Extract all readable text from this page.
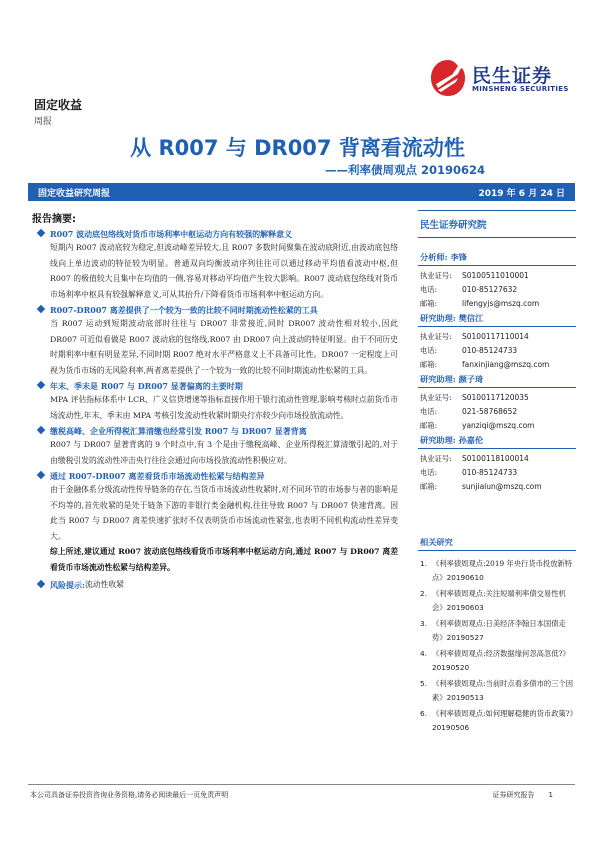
民生证券
MINSHENG SECURITIES
固定收益
周报
从 R007 与 DR007 背离看流动性
——利率债周观点 20190624
固定收益研究周报	2019 年 6 月 24 日
报告摘要:
R007 波动底包络线对货币市场利率中枢运动方向有较强的解释意义
短期内 R007 波动底较为稳定,但波动峰差异较大,且 R007 多数时间聚集在波动底附近,由波动底包络线向上单边波动的特征较为明显。普通双向均衡波动序列往往可以通过移动平均值看波动中枢,但 R007 的极值较大且集中在均值的一侧,容易对移动平均值产生较大影响。R007 波动底包络线对货币市场利率中枢具有较强解释意义,可从其抬升/下降看货币市场利率中枢运动方向。
R007-DR007 离差提供了一个较为一致的比较不同时期流动性松紧的工具
当 R007 运动到短期波动底部时往往与 DR007 非常接近,同时 DR007 波动性相对较小,因此 DR007 可近似看做是 R007 波动底的包络线,R007 由 DR007 向上波动的特征明显。由于不同历史时期利率中枢有明显差异,不同时期 R007 绝对水平严格意义上不具备可比性。DR007 一定程度上可视为货币市场的无风险利率,两者离差提供了一个较为一致的比较不同时期流动性松紧的工具。
年末、季末是 R007 与 DR007 显著偏离的主要时期
MPA 评估指标体系中 LCR、广义信贷增速等指标直接作用于银行流动性管理,影响考核时点前货币市场流动性,年末、季末由 MPA 考核引发流动性收紧时期央行亦较少向市场投放流动性。
缴税高峰、企业所得税汇算清缴也经常引发 R007 与 DR007 显著背离
R007 与 DR007 显著背离的 9 个时点中,有 3 个是由于缴税高峰、企业所得税汇算清缴引起的,对于由缴税引发的流动性冲击央行往往会通过向市场投放流动性积极应对。
通过 R007-DR007 离差看货币市场流动性松紧与结构差异
由于金融体系分级流动性传导链条的存在,当货币市场流动性收紧时,对不同环节的市场参与者的影响是不均等的,首先收紧的是处于链条下游的非银行类金融机构,往往导致 R007 与 DR007 快速背离。因此当 R007 与 DR007 离差快速扩张时不仅表明货币市场流动性紧张,也表明不同机构流动性差异变大。
综上所述,建议通过 R007 波动底包络线看货币市场利率中枢运动方向,通过 R007 与 DR007 离差看货币市场流动性松紧与结构差异。
风险提示: 流动性收紧
民生证券研究院
分析师: 李锋
执业证号:	S0100511010001
电话:	010-85127632
邮箱:	lifengyjs@mszq.com
研究助理: 樊信江
执业证号:	S0100117110014
电话:	010-85124733
邮箱:	fanxinjiang@mszq.com
研究助理: 颜子琦
执业证号:	S0100117120035
电话:	021-58768652
邮箱:	yanziqi@mszq.com
研究助理: 孙嘉伦
执业证号:	S0100118100014
电话:	010-85124733
邮箱:	sunjialun@mszq.com
相关研究
1. 《利率债周观点:2019 年央行货币投放新特点》20190610
2. 《利率债周观点:关注短端利率债交易性机会》20190603
3. 《利率债周观点:日美经济李翰日本国债走势》20190527
4. 《利率债周观点:经济数据缘何忽高忽低?》20190520
5. 《利率债周观点:当前时点看多债市的三个因素》20190513
6. 《利率债周观点:如何理解稳健的货币政策?》20190506
本公司具备证券投资咨询业务资格,请务必阅读最后一页免责声明	证券研究报告 1
